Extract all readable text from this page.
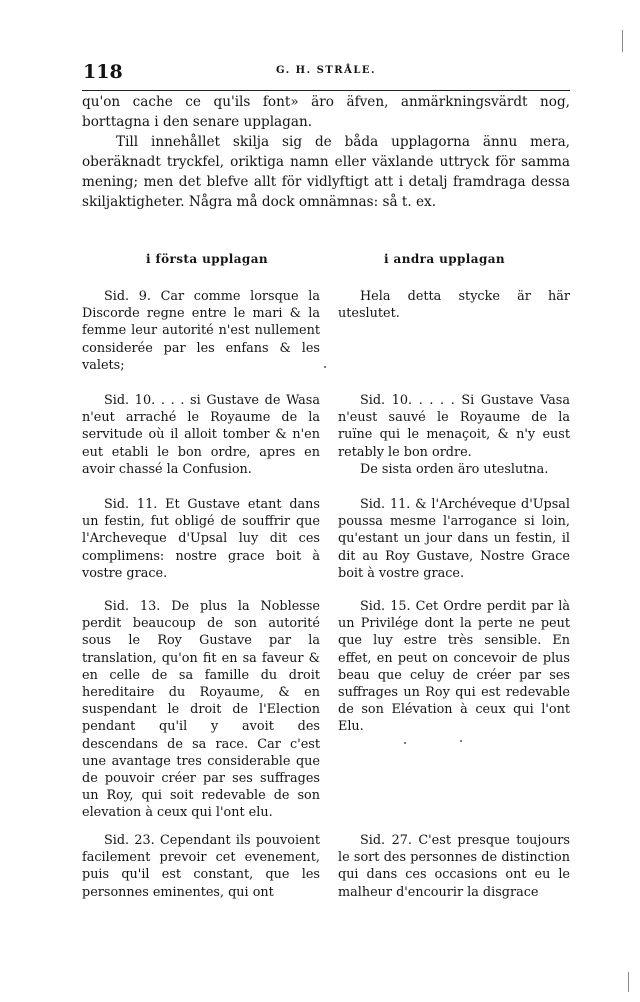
118	G. H. STRÅLE.

qu'on cache ce qu'ils font» äro äfven, anmärkningsvärdt nog, borttagna i den senare upplagan.

Till innehållet skilja sig de båda upplagorna ännu mera, oberäknadt tryckfel, oriktiga namn eller växlande uttryck för samma mening; men det blefve allt för vidlyftigt att i detalj framdraga dessa skiljaktigheter. Några må dock omnämnas: så t. ex.

i första upplagan	i andra upplagan

Sid. 9. Car comme lorsque la Discorde regne entre le mari & la femme leur autorité n'est nullement considerée par les enfans & les valets;

Hela detta stycke är här uteslutet.

Sid. 10. . . . si Gustave de Wasa n'eut arraché le Royaume de la servitude où il alloit tomber & n'en eut etabli le bon ordre, apres en avoir chassé la Confusion.

Sid. 10. . . . . Si Gustave Vasa n'eust sauvé le Royaume de la ruïne qui le menaçoit, & n'y eust retably le bon ordre.

De sista orden äro uteslutna.

Sid. 11. Et Gustave etant dans un festin, fut obligé de souffrir que l'Archeveque d'Upsal luy dit ces complimens: nostre grace boit à vostre grace.

Sid. 11. & l'Archéveque d'Upsal poussa mesme l'arrogance si loin, qu'estant un jour dans un festin, il dit au Roy Gustave, Nostre Grace boit à vostre grace.

Sid. 13. De plus la Noblesse perdit beaucoup de son autorité sous le Roy Gustave par la translation, qu'on fit en sa faveur & en celle de sa famille du droit hereditaire du Royaume, & en suspendant le droit de l'Election pendant qu'il y avoit des descendans de sa race. Car c'est une avantage tres considerable que de pouvoir créer par ses suffrages un Roy, qui soit redevable de son elevation à ceux qui l'ont elu.

Sid. 15. Cet Ordre perdit par là un Privilége dont la perte ne peut que luy estre très sensible. En effet, en peut on concevoir de plus beau que celuy de créer par ses suffrages un Roy qui est redevable de son Elévation à ceux qui l'ont Elu.

Sid. 23. Cependant ils pouvoient facilement prevoir cet evenement, puis qu'il est constant, que les personnes eminentes, qui ont

Sid. 27. C'est presque toujours le sort des personnes de distinction qui dans ces occasions ont eu le malheur d'encourir la disgrace
